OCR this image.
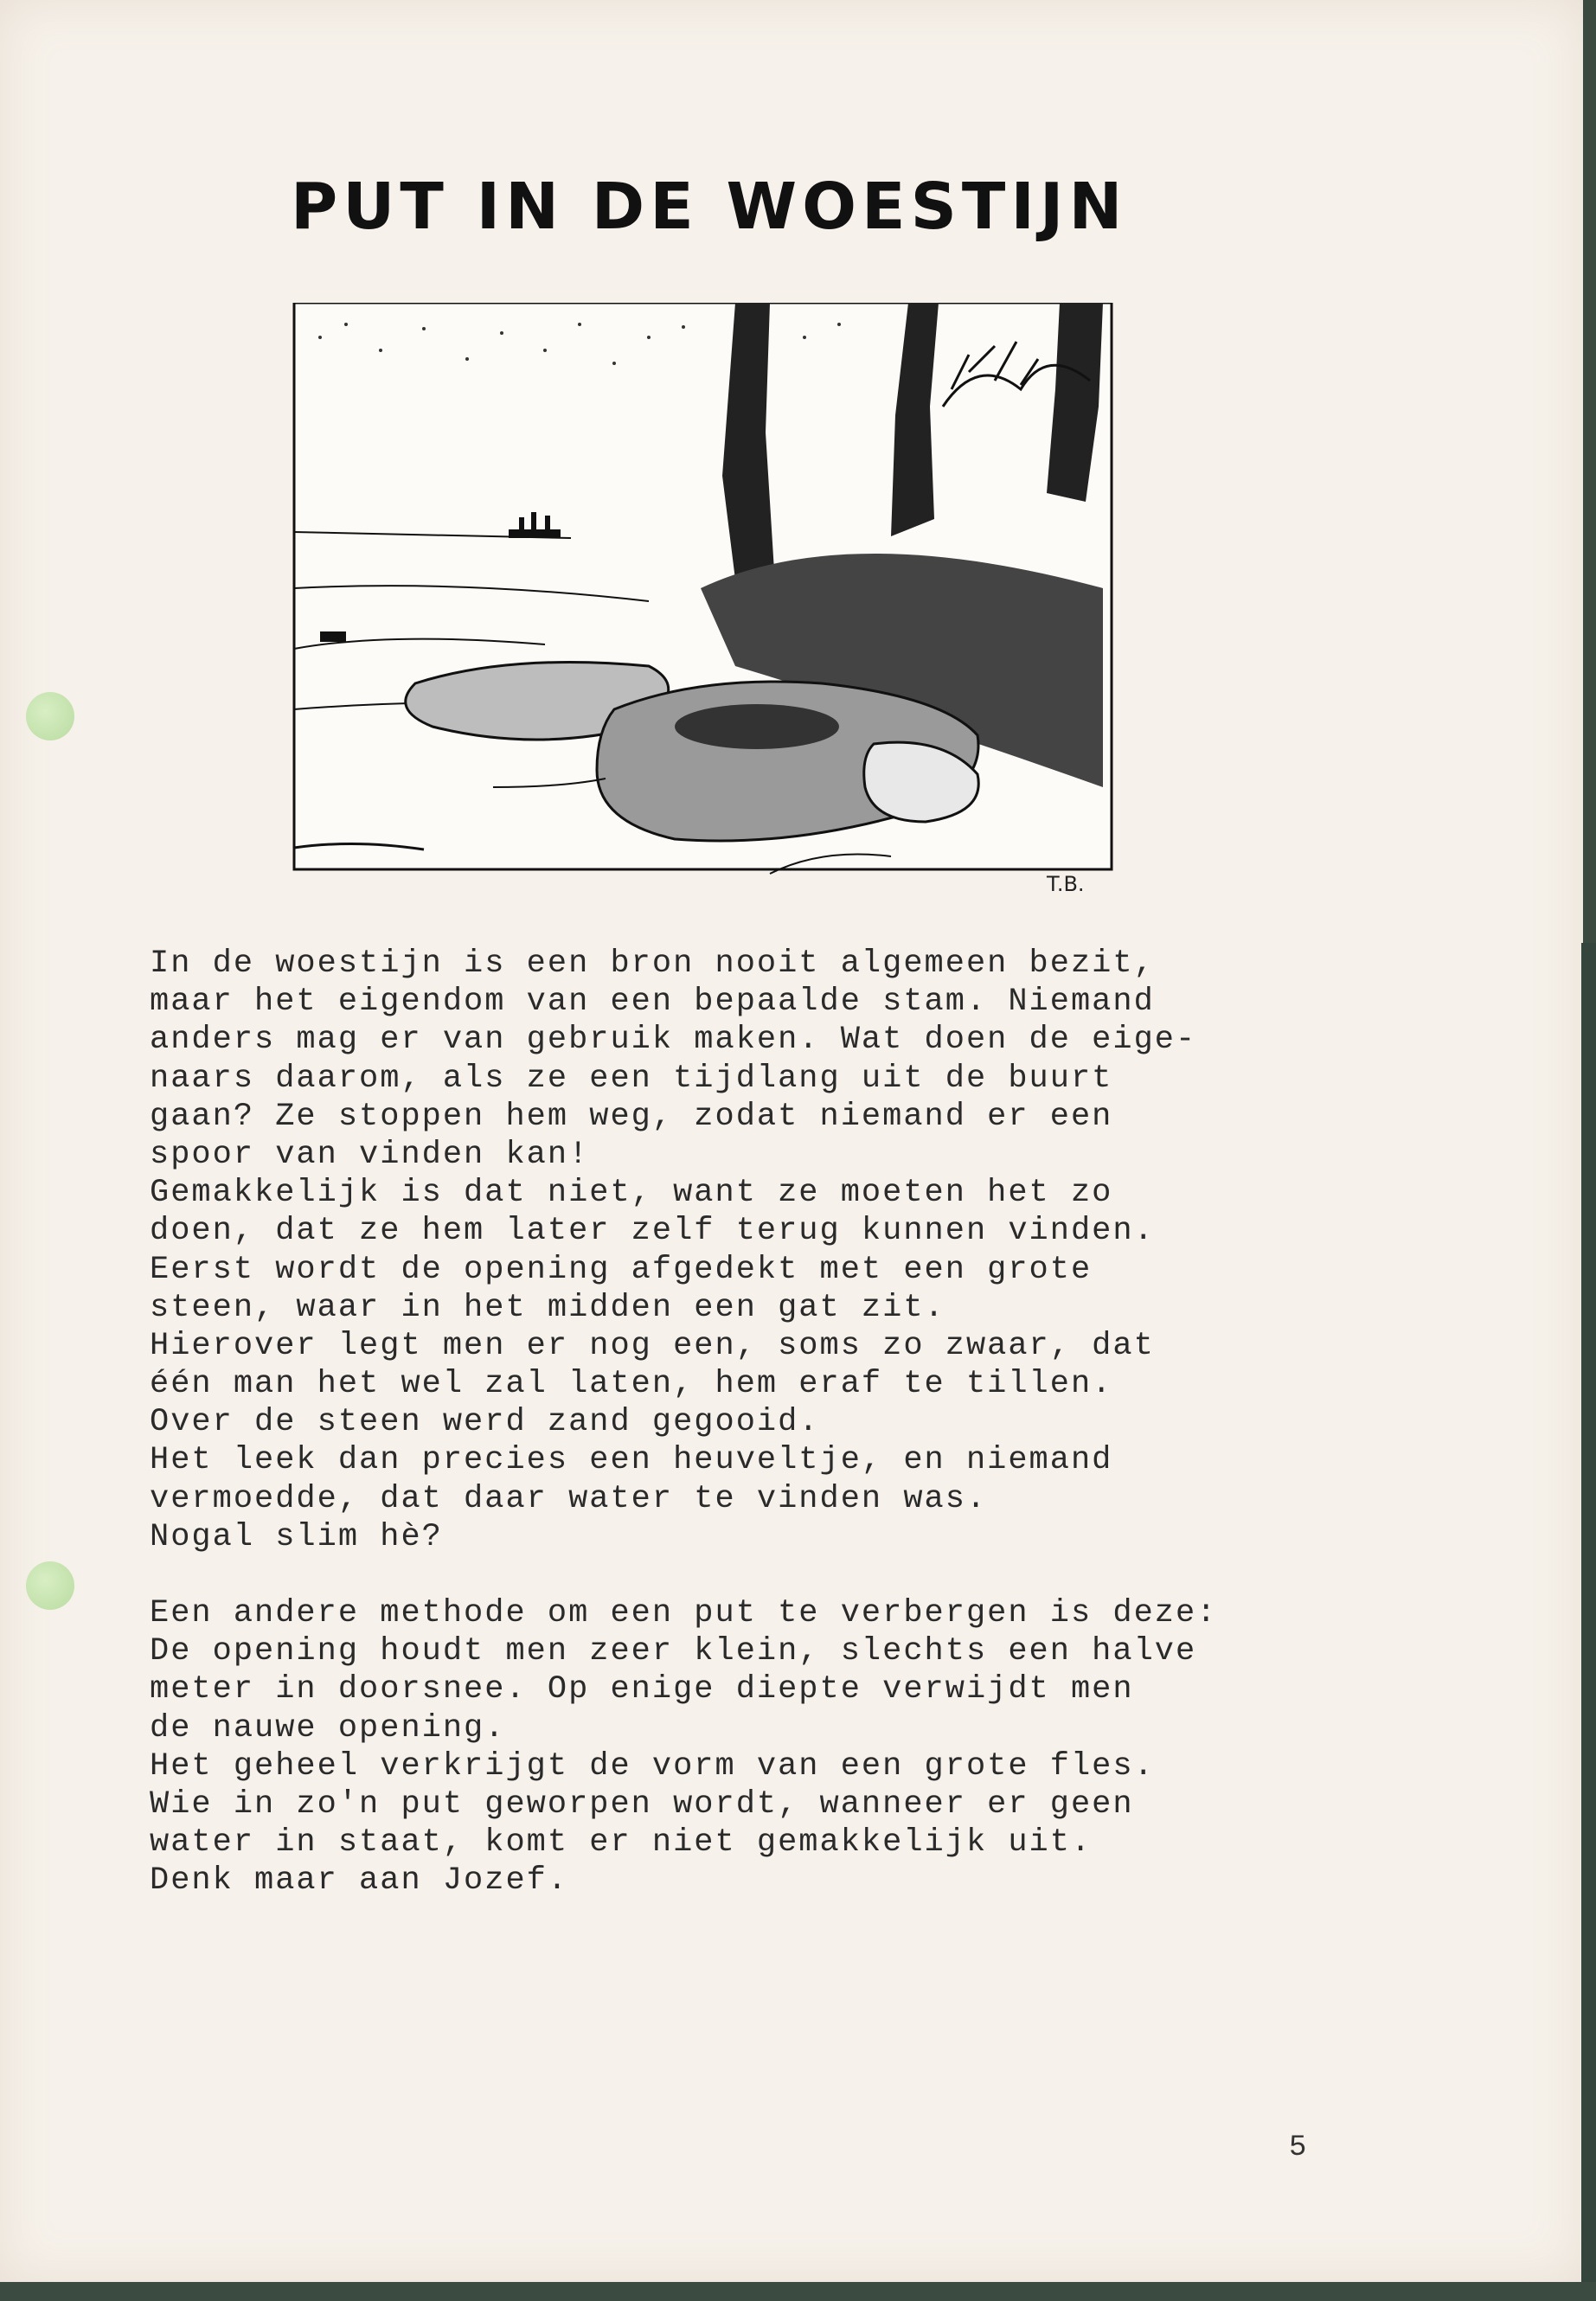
PUT IN DE WOESTIJN
T.B.
In de woestijn is een bron nooit algemeen bezit,
maar het eigendom van een bepaalde stam. Niemand
anders mag er van gebruik maken. Wat doen de eige-
naars daarom, als ze een tijdlang uit de buurt
gaan? Ze stoppen hem weg, zodat niemand er een
spoor van vinden kan!
Gemakkelijk is dat niet, want ze moeten het zo
doen, dat ze hem later zelf terug kunnen vinden.
Eerst wordt de opening afgedekt met een grote
steen, waar in het midden een gat zit.
Hierover legt men er nog een, soms zo zwaar, dat
één man het wel zal laten, hem eraf te tillen.
Over de steen werd zand gegooid.
Het leek dan precies een heuveltje, en niemand
vermoedde, dat daar water te vinden was.
Nogal slim hè?
Een andere methode om een put te verbergen is deze:
De opening houdt men zeer klein, slechts een halve
meter in doorsnee. Op enige diepte verwijdt men
de nauwe opening.
Het geheel verkrijgt de vorm van een grote fles.
Wie in zo'n put geworpen wordt, wanneer er geen
water in staat, komt er niet gemakkelijk uit.
Denk maar aan Jozef.
5
